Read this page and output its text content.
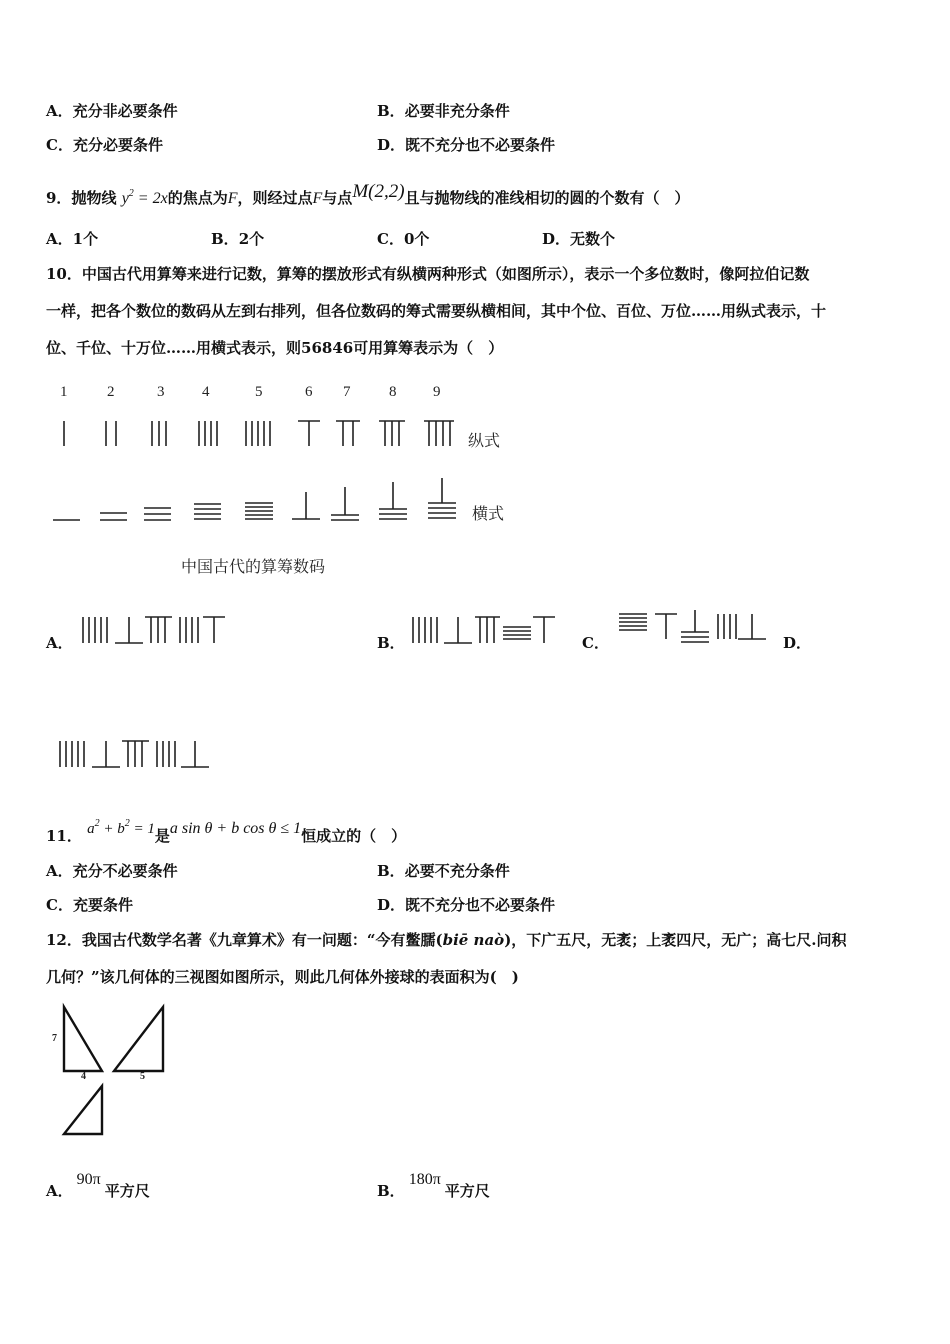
A．充分非必要条件	B．必要非充分条件
C．充分必要条件	D．既不充分也不必要条件
9．抛物线 $y^2 = 2x$的焦点为F，则经过点F与点M(2,2)且与抛物线的准线相切的圆的个数有（　）
A．1个	B．2个	C．0个	D．无数个
10．中国古代用算筹来进行记数，算筹的摆放形式有纵横两种形式（如图所示），表示一个多位数时，像阿拉伯记数
一样，把各个数位的数码从左到右排列，但各位数码的筹式需要纵横相间，其中个位、百位、万位……用纵式表示，十
位、千位、十万位……用横式表示，则56846可用算筹表示为（　）
1	2	3	4	5	6 7	8 9
纵式
横式
中国古代的算筹数码
A．	B．	C．	D．
11． $a^2 + b^2 = 1$是a sin θ + b cos θ ≤ 1恒成立的（　）
A．充分不必要条件	B．必要不充分条件
C．充要条件	D．既不充分也不必要条件
12．我国古代数学名著《九章算术》有一问题：“今有鳖臑(biē naò)，下广五尺，无袤；上袤四尺，无广；高七尺.问积
几何？”该几何体的三视图如图所示，则此几何体外接球的表面积为(　)
7
4	5
A．90π平方尺	B．180π平方尺
